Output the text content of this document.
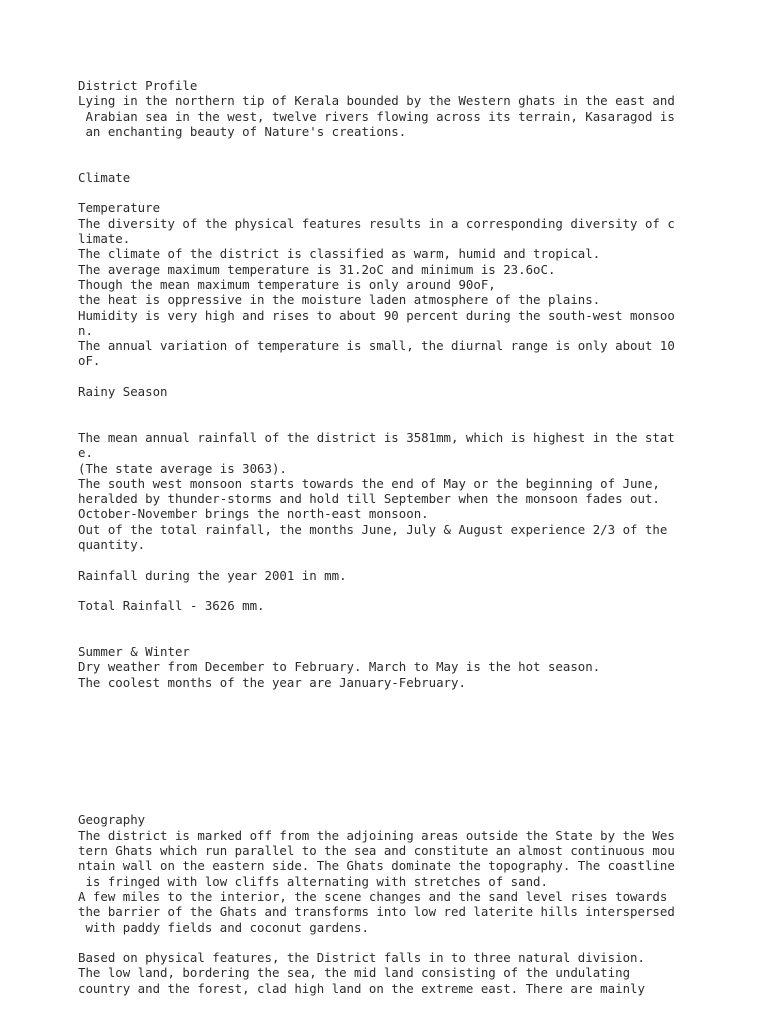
District Profile
Lying in the northern tip of Kerala bounded by the Western ghats in the east and
Arabian sea in the west, twelve rivers flowing across its terrain, Kasaragod is
an enchanting beauty of Nature's creations.
Climate
Temperature
The diversity of the physical features results in a corresponding diversity of c
limate.
The climate of the district is classified as warm, humid and tropical.
The average maximum temperature is 31.2oC and minimum is 23.6oC.
Though the mean maximum temperature is only around 90oF,
the heat is oppressive in the moisture laden atmosphere of the plains.
Humidity is very high and rises to about 90 percent during the south-west monsoo
n.
The annual variation of temperature is small, the diurnal range is only about 10
oF.
Rainy Season
The mean annual rainfall of the district is 3581mm, which is highest in the stat
e.
(The state average is 3063).
The south west monsoon starts towards the end of May or the beginning of June,
heralded by thunder-storms and hold till September when the monsoon fades out.
October-November brings the north-east monsoon.
Out of the total rainfall, the months June, July & August experience 2/3 of the
quantity.
Rainfall during the year 2001 in mm.
Total Rainfall - 3626 mm.
Summer & Winter
Dry weather from December to February. March to May is the hot season.
The coolest months of the year are January-February.
Geography
The district is marked off from the adjoining areas outside the State by the Wes
tern Ghats which run parallel to the sea and constitute an almost continuous mou
ntain wall on the eastern side. The Ghats dominate the topography. The coastline
is fringed with low cliffs alternating with stretches of sand.
A few miles to the interior, the scene changes and the sand level rises towards
the barrier of the Ghats and transforms into low red laterite hills interspersed
with paddy fields and coconut gardens.
Based on physical features, the District falls in to three natural division.
The low land, bordering the sea, the mid land consisting of the undulating
country and the forest, clad high land on the extreme east. There are mainly
